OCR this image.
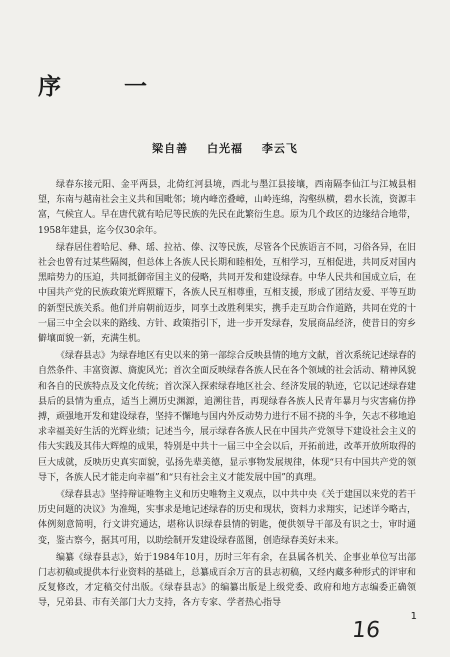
序　一
梁自善 白光福 李云飞

绿春东接元阳、金平两县，北倚红河县境，西北与墨江县接壤，西南隔李仙江与江城县相望，东南与越南社会主义共和国毗邻；境内峰峦叠嶂，山岭连绵，沟壑纵横，碧水长流，资源丰富，气候宜人。早在唐代就有哈尼等民族的先民在此繁衍生息。原为几个政区的边缘结合地带，1958年建县，迄今仅30余年。

绿春居住着哈尼、彝、瑶、拉祜、傣、汉等民族，尽管各个民族语言不同，习俗各异，在旧社会也曾有过某些隔阂，但总体上各族人民长期和睦相处，互相学习，互相促进，共同反对国内黑暗势力的压迫，共同抵御帝国主义的侵略，共同开发和建设绿春。中华人民共和国成立后，在中国共产党的民族政策光辉照耀下，各族人民互相尊重，互相支援，形成了团结友爱、平等互助的新型民族关系。他们并肩朝前迈步，同享土改胜利果实，携手走互助合作道路，共同在党的十一届三中全会以来的路线、方针、政策指引下，进一步开发绿春，发展商品经济，使昔日的穷乡僻壤面貌一新，充满生机。

《绿春县志》为绿春地区有史以来的第一部综合反映县情的地方文献，首次系统记述绿春的自然条件、丰富资源、旖旎风光；首次全面反映绿春各族人民在各个领域的社会活动、精神风貌和各自的民族特点及文化传统；首次深入探索绿春地区社会、经济发展的轨迹，它以记述绿春建县后的县情为重点，适当上溯历史渊源，追溯往昔，再现绿春各族人民青年暴月与灾害痛仿挣搏，顽强地开发和建设绿春，坚持不懈地与国内外反动势力进行不屈不挠的斗争，矢志不移地追求幸福美好生活的光辉业绩；记述当今，展示绿春各族人民在中国共产党领导下建设社会主义的伟大实践及其伟大辉煌的成果，特别是中共十一届三中全会以后，开拓前进，改革开放所取得的巨大成就，反映历史真实面貌，弘扬先辈美德，显示事物发展规律，体现“只有中国共产党的领导下，各族人民才能走向幸福”和“只有社会主义才能发展中国”的真理。

《绿春县志》坚持辩证唯物主义和历史唯物主义观点，以中共中央《关于建国以来党的若干历史问题的决议》为准绳，实事求是地记述绿春的历史和现状，资料力求翔实，记述详今略古，体例刻意简明，行文讲究通达，堪称认识绿春县情的钥匙，便供领导干部及有识之士，审时通变，鉴古察今，据其可用，以助绘制开发建设绿春蓝图，创造绿春美好未来。

编纂《绿春县志》，始于1984年10月，历时三年有余，在县属各机关、企事业单位写出部门志初稿或提供本行业资料的基础上，总纂成百余万言的县志初稿，又经内藏多种形式的评审和反复修改，才定稿交付出版。《绿春县志》的编纂出版是上级党委、政府和地方志编委正确领导，兄弟县、市有关部门大力支持，各方专家、学者热心指导

1
16
